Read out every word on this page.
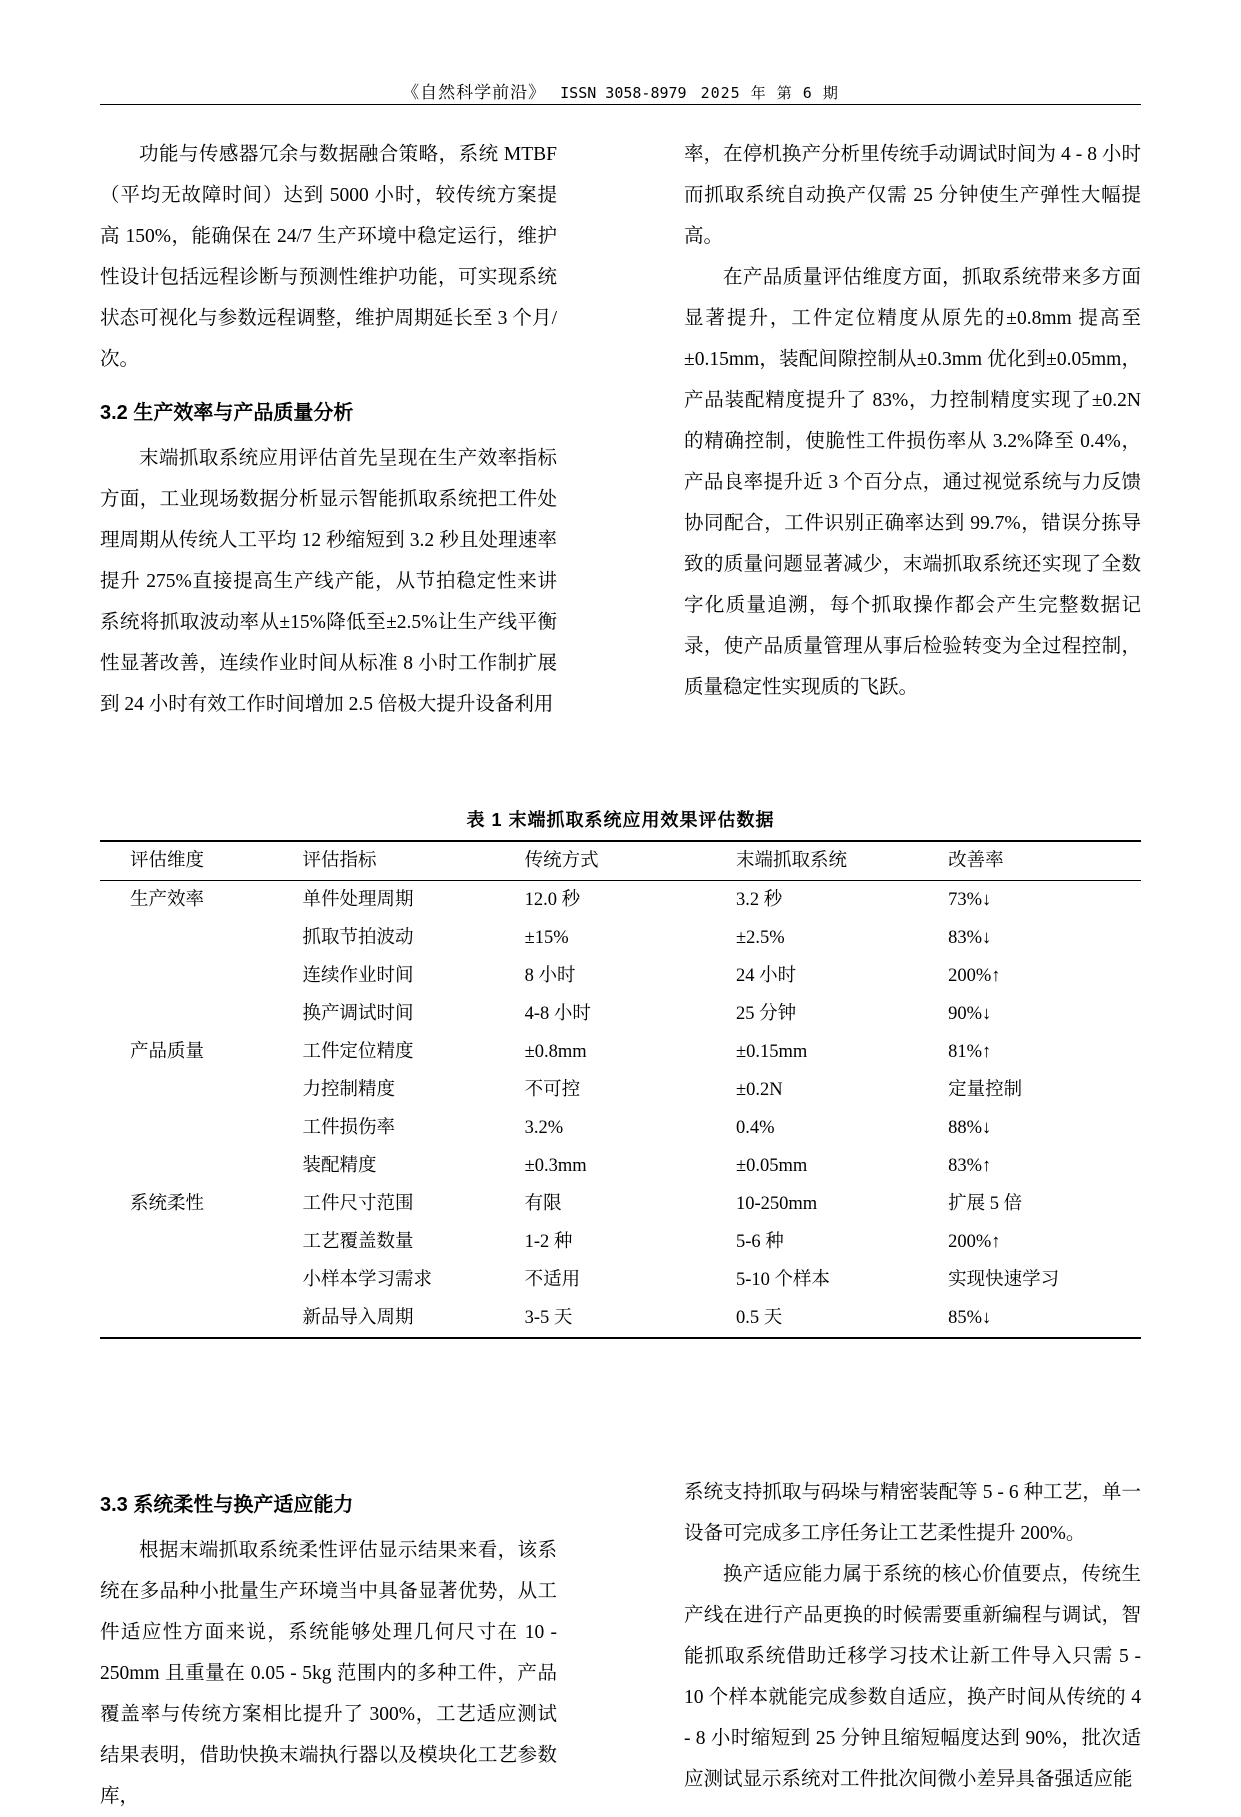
《自然科学前沿》 ISSN 3058-8979 2025 年 第 6 期

功能与传感器冗余与数据融合策略，系统 MTBF（平均无故障时间）达到 5000 小时，较传统方案提高 150%，能确保在 24/7 生产环境中稳定运行，维护性设计包括远程诊断与预测性维护功能，可实现系统状态可视化与参数远程调整，维护周期延长至 3 个月/次。

3.2 生产效率与产品质量分析

末端抓取系统应用评估首先呈现在生产效率指标方面，工业现场数据分析显示智能抓取系统把工件处理周期从传统人工平均 12 秒缩短到 3.2 秒且处理速率提升 275%直接提高生产线产能，从节拍稳定性来讲系统将抓取波动率从±15%降低至±2.5%让生产线平衡性显著改善，连续作业时间从标准 8 小时工作制扩展到 24 小时有效工作时间增加 2.5 倍极大提升设备利用

率，在停机换产分析里传统手动调试时间为 4 - 8 小时而抓取系统自动换产仅需 25 分钟使生产弹性大幅提高。

在产品质量评估维度方面，抓取系统带来多方面显著提升，工件定位精度从原先的±0.8mm 提高至±0.15mm，装配间隙控制从±0.3mm 优化到±0.05mm，产品装配精度提升了 83%，力控制精度实现了±0.2N 的精确控制，使脆性工件损伤率从 3.2%降至 0.4%，产品良率提升近 3 个百分点，通过视觉系统与力反馈协同配合，工件识别正确率达到 99.7%，错误分拣导致的质量问题显著减少，末端抓取系统还实现了全数字化质量追溯，每个抓取操作都会产生完整数据记录，使产品质量管理从事后检验转变为全过程控制，质量稳定性实现质的飞跃。

表 1 末端抓取系统应用效果评估数据
评估维度	评估指标	传统方式	末端抓取系统	改善率
生产效率	单件处理周期	12.0 秒	3.2 秒	73%↓
	抓取节拍波动	±15%	±2.5%	83%↓
	连续作业时间	8 小时	24 小时	200%↑
	换产调试时间	4-8 小时	25 分钟	90%↓
产品质量	工件定位精度	±0.8mm	±0.15mm	81%↑
	力控制精度	不可控	±0.2N	定量控制
	工件损伤率	3.2%	0.4%	88%↓
	装配精度	±0.3mm	±0.05mm	83%↑
系统柔性	工件尺寸范围	有限	10-250mm	扩展 5 倍
	工艺覆盖数量	1-2 种	5-6 种	200%↑
	小样本学习需求	不适用	5-10 个样本	实现快速学习
	新品导入周期	3-5 天	0.5 天	85%↓
3.3 系统柔性与换产适应能力

根据末端抓取系统柔性评估显示结果来看，该系统在多品种小批量生产环境当中具备显著优势，从工件适应性方面来说，系统能够处理几何尺寸在 10 - 250mm 且重量在 0.05 - 5kg 范围内的多种工件，产品覆盖率与传统方案相比提升了 300%，工艺适应测试结果表明，借助快换末端执行器以及模块化工艺参数库，

系统支持抓取与码垛与精密装配等 5 - 6 种工艺，单一设备可完成多工序任务让工艺柔性提升 200%。

换产适应能力属于系统的核心价值要点，传统生产线在进行产品更换的时候需要重新编程与调试，智能抓取系统借助迁移学习技术让新工件导入只需 5 - 10 个样本就能完成参数自适应，换产时间从传统的 4 - 8 小时缩短到 25 分钟且缩短幅度达到 90%，批次适应测试显示系统对工件批次间微小差异具备强适应能
